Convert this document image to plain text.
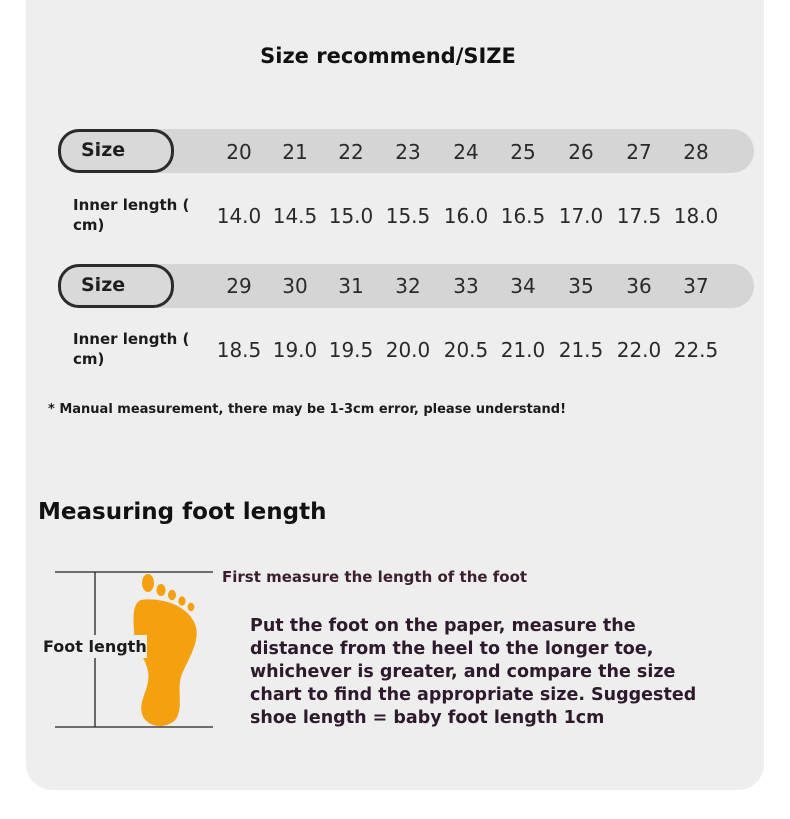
Size recommend/SIZE
Size	20	21	22	23	24	25	26	27	28
Inner length ( cm)	14.0 14.5 15.0 15.5 16.0 16.5 17.0 17.5 18.0
Size	29	30	31	32	33	34	35	36	37
Inner length ( cm)	18.5 19.0 19.5 20.0 20.5 21.0 21.5 22.0 22.5
* Manual measurement, there may be 1-3cm error, please understand!
Measuring foot length
Foot length
First measure the length of the foot
Put the foot on the paper, measure the distance from the heel to the longer toe, whichever is greater, and compare the size chart to find the appropriate size. Suggested shoe length = baby foot length 1cm
